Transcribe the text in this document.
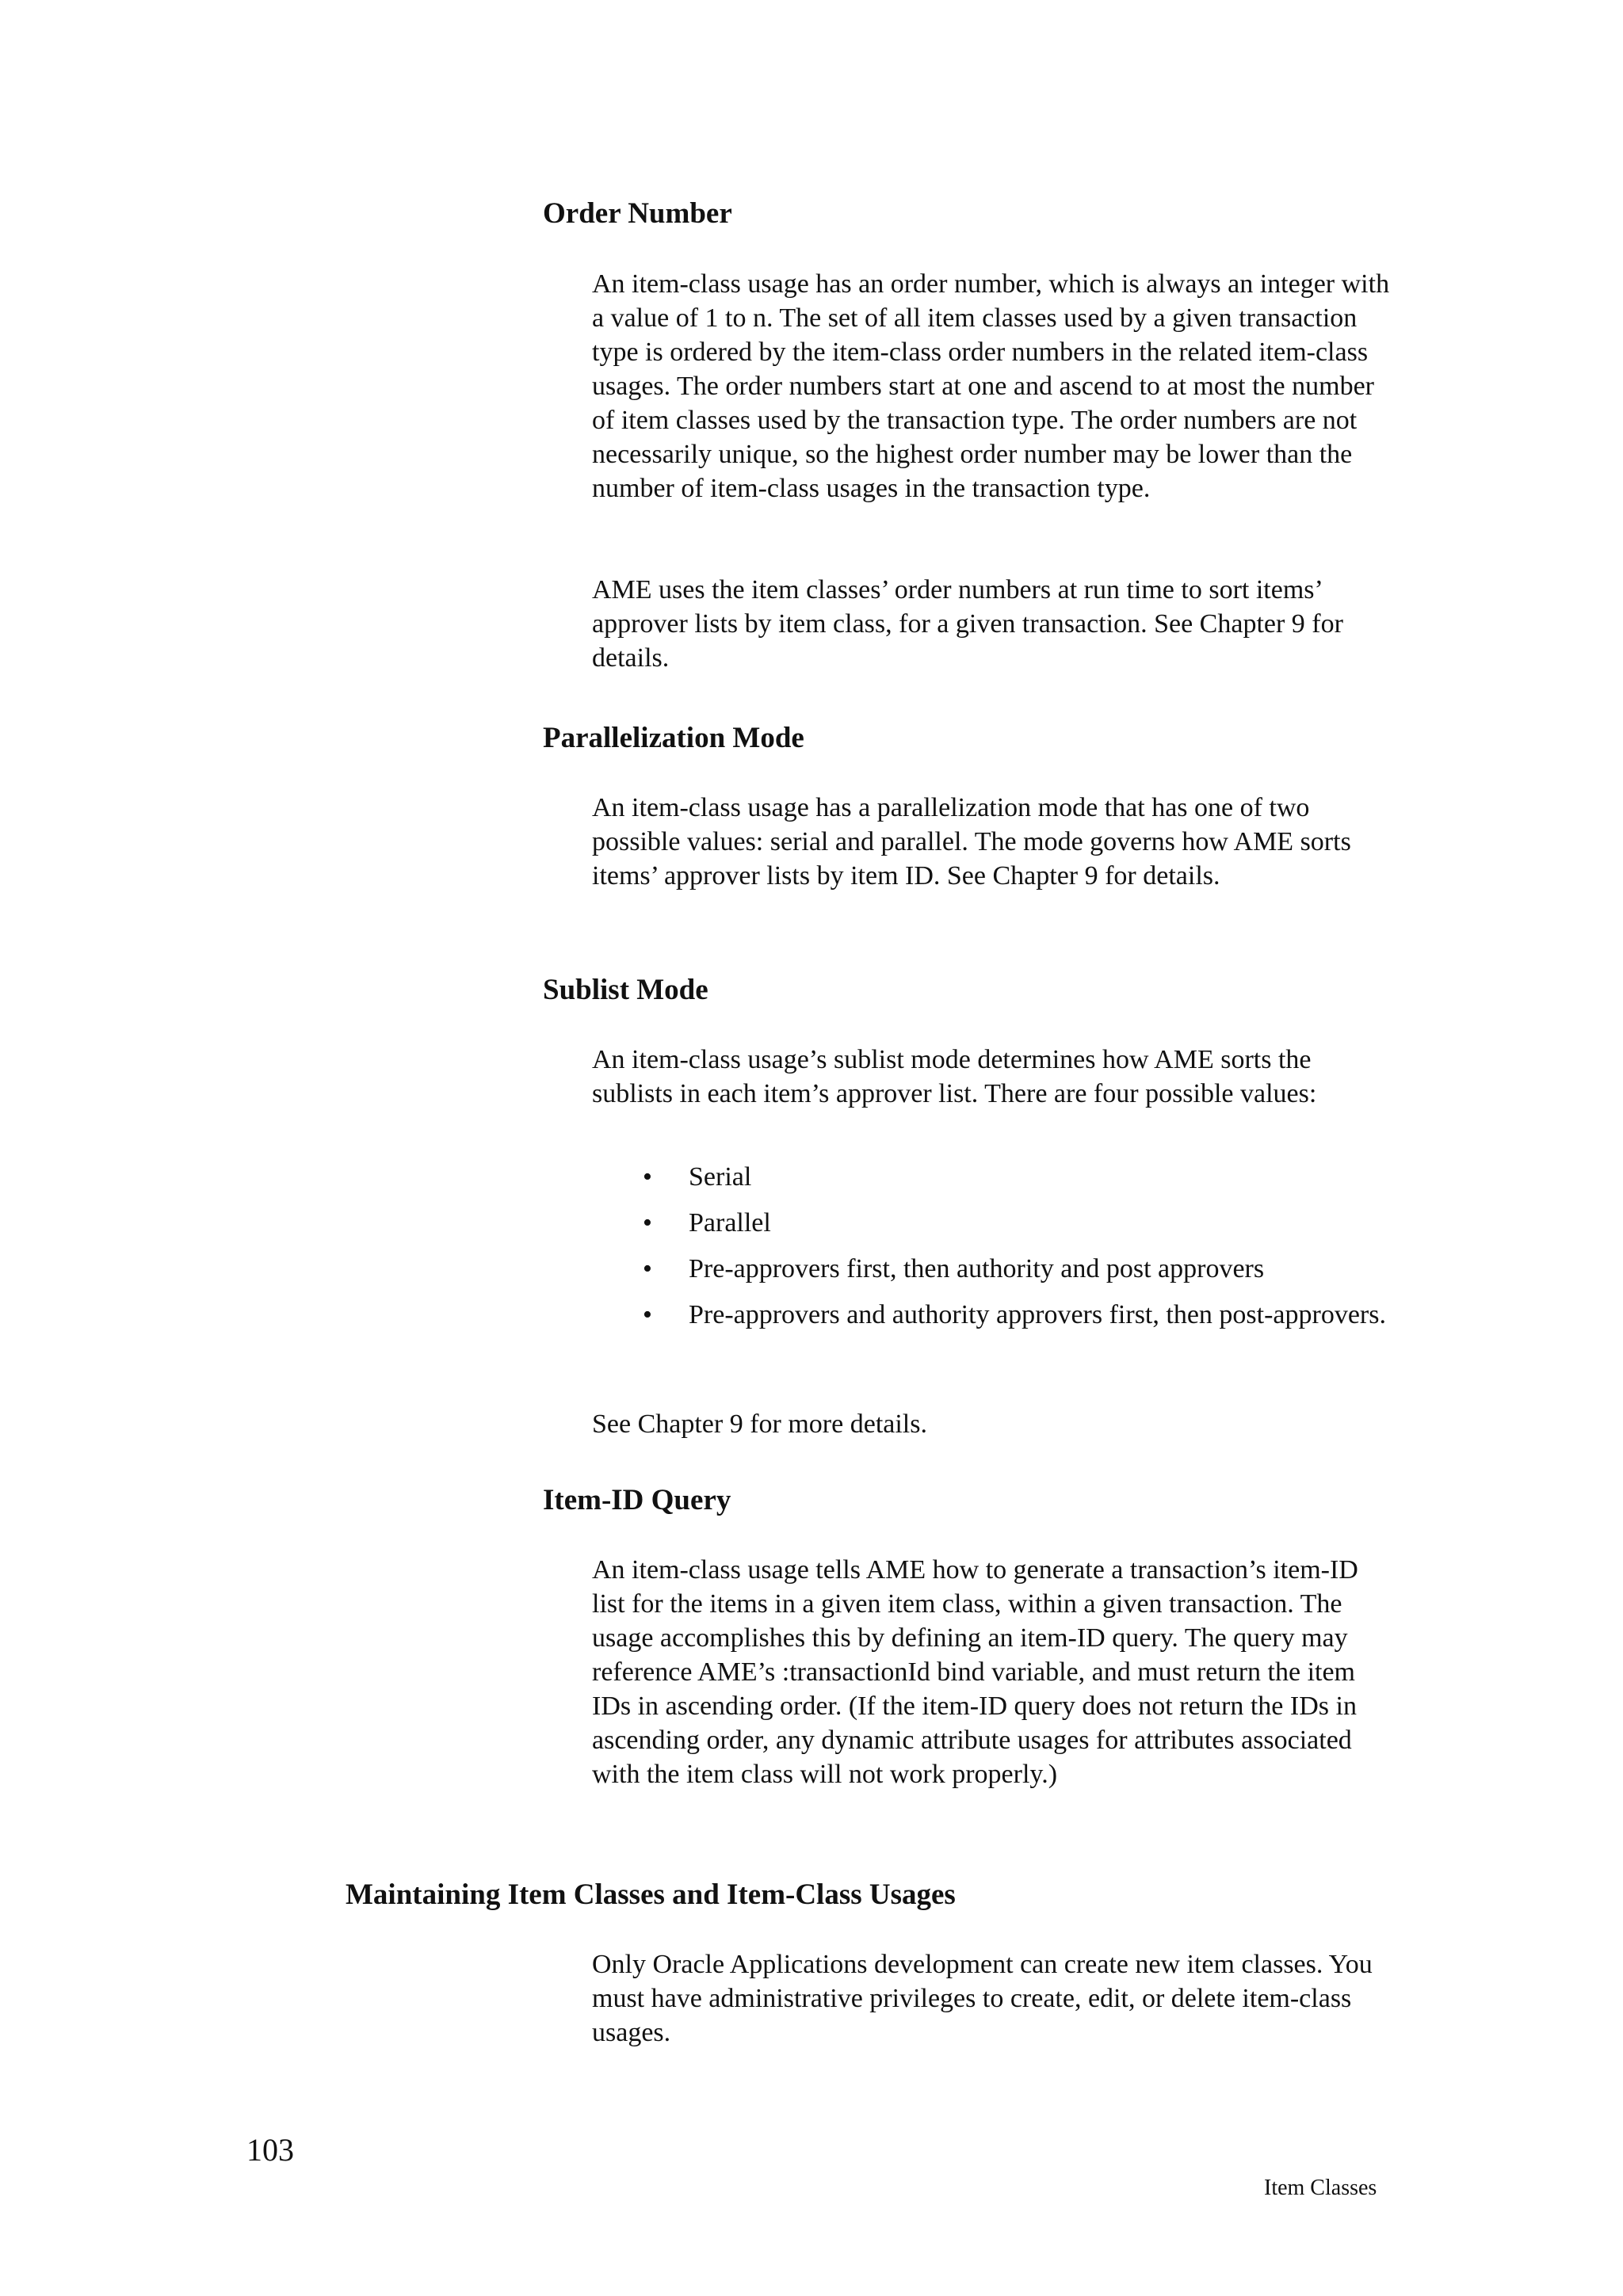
Order Number

An item-class usage has an order number, which is always an integer with a value of 1 to n. The set of all item classes used by a given transaction type is ordered by the item-class order numbers in the related item-class usages. The order numbers start at one and ascend to at most the number of item classes used by the transaction type. The order numbers are not necessarily unique, so the highest order number may be lower than the number of item-class usages in the transaction type.

AME uses the item classes’ order numbers at run time to sort items’ approver lists by item class, for a given transaction. See Chapter 9 for details.

Parallelization Mode

An item-class usage has a parallelization mode that has one of two possible values: serial and parallel. The mode governs how AME sorts items’ approver lists by item ID. See Chapter 9 for details.

Sublist Mode

An item-class usage’s sublist mode determines how AME sorts the sublists in each item’s approver list. There are four possible values:

• Serial
• Parallel
• Pre-approvers first, then authority and post approvers
• Pre-approvers and authority approvers first, then post-approvers.

See Chapter 9 for more details.

Item-ID Query

An item-class usage tells AME how to generate a transaction’s item-ID list for the items in a given item class, within a given transaction. The usage accomplishes this by defining an item-ID query. The query may reference AME’s :transactionId bind variable, and must return the item IDs in ascending order. (If the item-ID query does not return the IDs in ascending order, any dynamic attribute usages for attributes associated with the item class will not work properly.)

Maintaining Item Classes and Item-Class Usages

Only Oracle Applications development can create new item classes. You must have administrative privileges to create, edit, or delete item-class usages.

103
Item Classes
